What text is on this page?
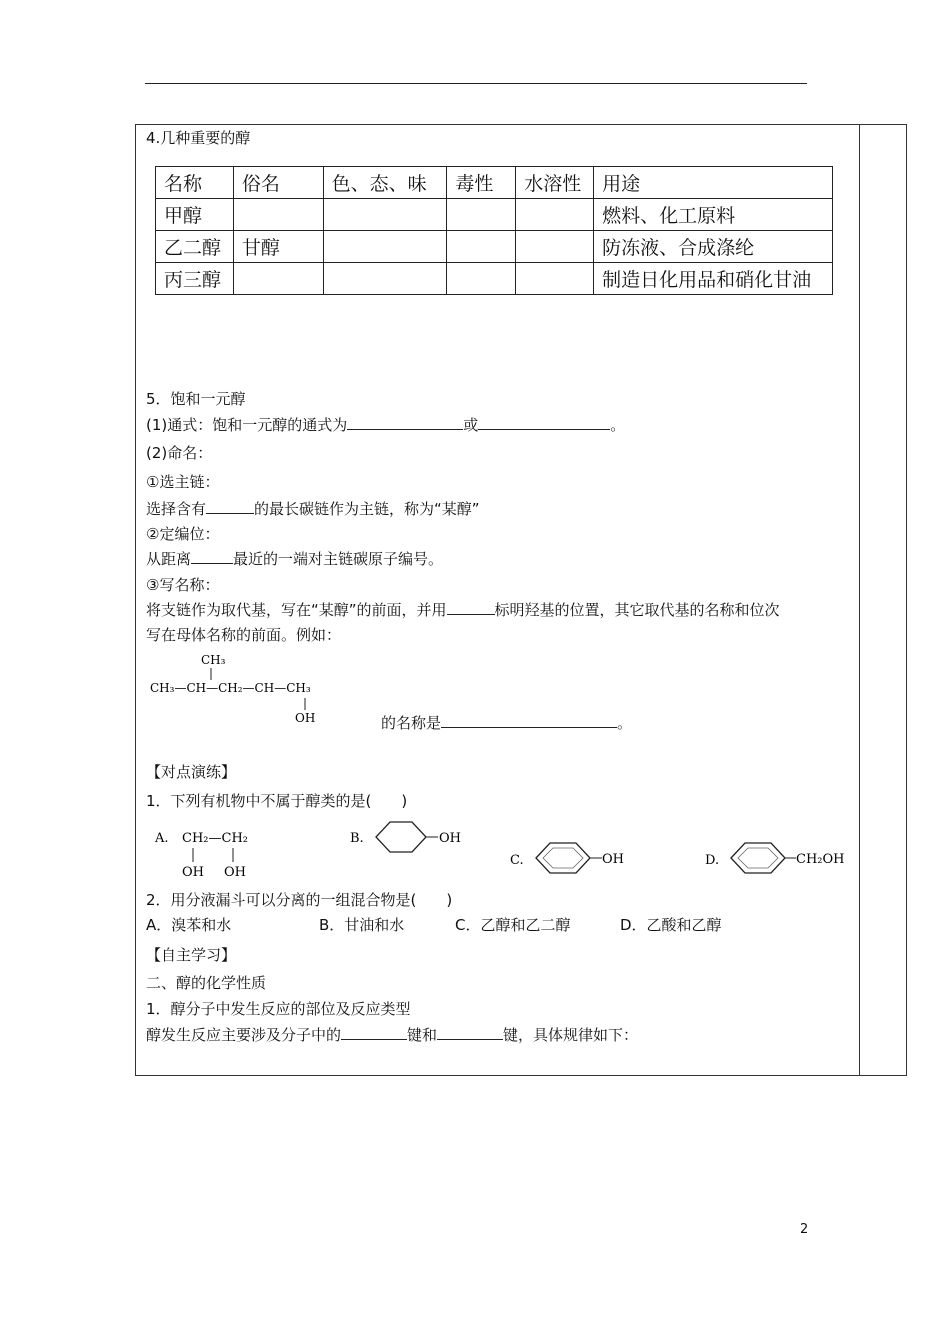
4.几种重要的醇
名称	俗名	色、态、味	毒性	水溶性	用途
甲醇					燃料、化工原料
乙二醇	甘醇				防冻液、合成涤纶
丙三醇					制造日化用品和硝化甘油
5．饱和一元醇
(1)通式：饱和一元醇的通式为	或	。
(2)命名：
①选主链：
选择含有	的最长碳链作为主链，称为“某醇”
②定编位：
从距离	最近的一端对主链碳原子编号。
③写名称：
将支链作为取代基，写在“某醇”的前面，并用	标明羟基的位置，其它取代基的名称和位次
写在母体名称的前面。例如：
CH₃
CH₃—CH—CH₂—CH—CH₃
OH	的名称是	。
【对点演练】
1．下列有机物中不属于醇类的是(　　)
A. CH₂—CH₂
OH OH
B.	OH
C.	OH	D.	CH₂OH
2．用分液漏斗可以分离的一组混合物是(　　)
A．溴苯和水	B．甘油和水	C．乙醇和乙二醇	D．乙酸和乙醇
【自主学习】
二、醇的化学性质
1．醇分子中发生反应的部位及反应类型
醇发生反应主要涉及分子中的	键和	键，具体规律如下：
2
